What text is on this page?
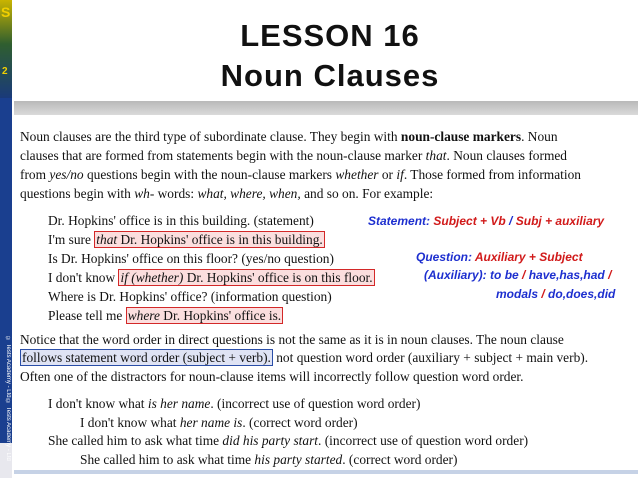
S
2
© Tests Academy - Ltd © Tests Academy - Ltd
LESSON 16
Noun Clauses
Noun clauses are the third type of subordinate clause. They begin with noun-clause markers. Noun
clauses that are formed from statements begin with the noun-clause marker that. Noun clauses formed
from yes/no questions begin with the noun-clause markers whether or if. Those formed from information
questions begin with wh- words: what, where, when, and so on. For example:
Dr. Hopkins' office is in this building. (statement)
I'm sure that Dr. Hopkins' office is in this building.
Is Dr. Hopkins' office on this floor? (yes/no question)
I don't know if (whether) Dr. Hopkins' office is on this floor.
Where is Dr. Hopkins' office? (information question)
Please tell me where Dr. Hopkins' office is.
Statement: Subject + Vb / Subj + auxiliary
Question: Auxiliary + Subject
(Auxiliary): to be / have,has,had /
modals / do,does,did
Notice that the word order in direct questions is not the same as it is in noun clauses. The noun clause
follows statement word order (subject + verb). not question word order (auxiliary + subject + main verb).
Often one of the distractors for noun-clause items will incorrectly follow question word order.
I don't know what is her name. (incorrect use of question word order)
I don't know what her name is. (correct word order)
She called him to ask what time did his party start. (incorrect use of question word order)
She called him to ask what time his party started. (correct word order)
